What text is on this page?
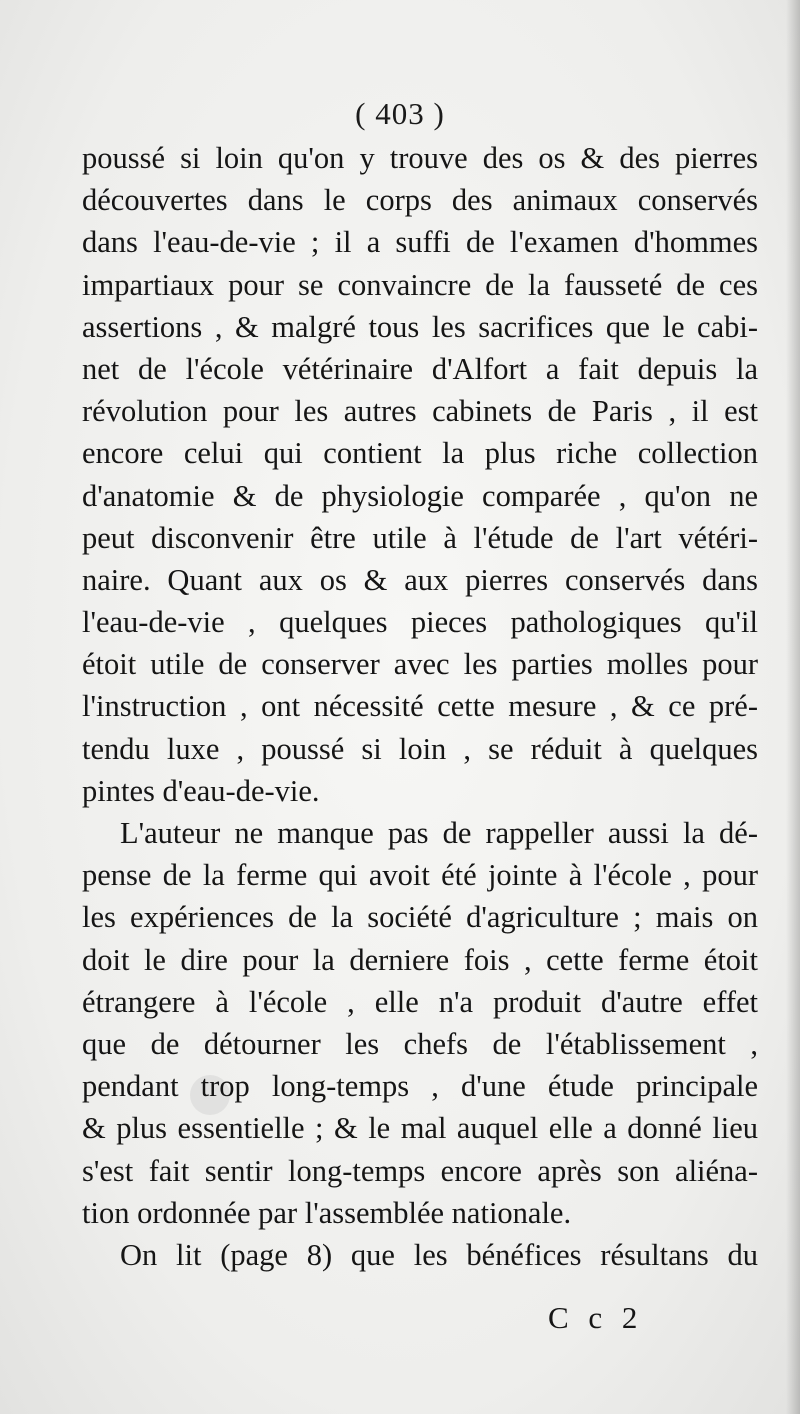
( 403 )
poussé si loin qu'on y trouve des os & des pierres
découvertes dans le corps des animaux conservés
dans l'eau-de-vie ; il a suffi de l'examen d'hommes
impartiaux pour se convaincre de la fausseté de ces
assertions , & malgré tous les sacrifices que le cabi-
net de l'école vétérinaire d'Alfort a fait depuis la
révolution pour les autres cabinets de Paris , il est
encore celui qui contient la plus riche collection
d'anatomie & de physiologie comparée , qu'on ne
peut disconvenir être utile à l'étude de l'art vétéri-
naire. Quant aux os & aux pierres conservés dans
l'eau-de-vie , quelques pieces pathologiques qu'il
étoit utile de conserver avec les parties molles pour
l'instruction , ont nécessité cette mesure , & ce pré-
tendu luxe , poussé si loin , se réduit à quelques
pintes d'eau-de-vie.
L'auteur ne manque pas de rappeller aussi la dé-
pense de la ferme qui avoit été jointe à l'école , pour
les expériences de la société d'agriculture ; mais on
doit le dire pour la derniere fois , cette ferme étoit
étrangere à l'école , elle n'a produit d'autre effet
que de détourner les chefs de l'établissement ,
pendant trop long-temps , d'une étude principale
& plus essentielle ; & le mal auquel elle a donné lieu
s'est fait sentir long-temps encore après son aliéna-
tion ordonnée par l'assemblée nationale.
On lit (page 8) que les bénéfices résultans du
C c 2
